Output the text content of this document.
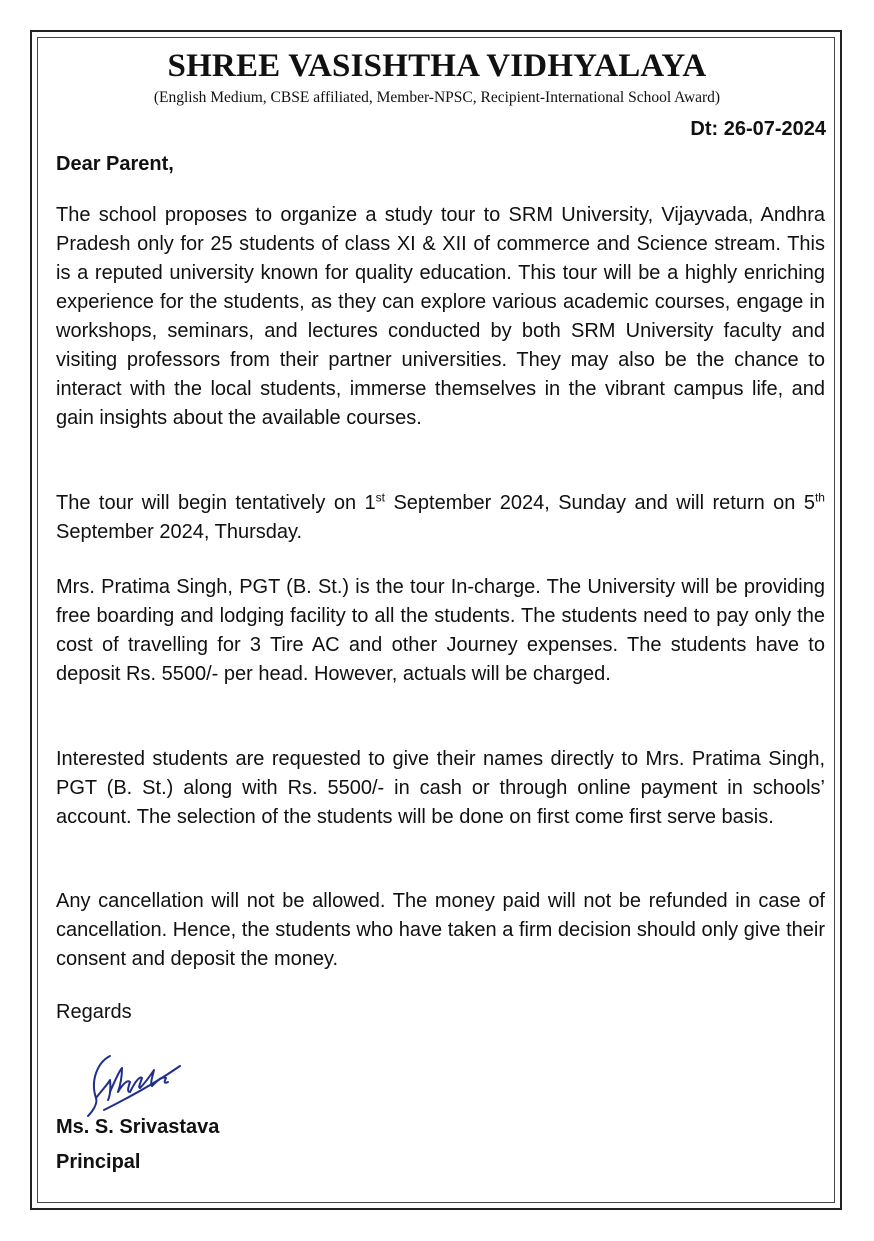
SHREE VASISHTHA VIDHYALAYA

(English Medium, CBSE affiliated, Member-NPSC, Recipient-International School Award)

Dt: 26-07-2024
Dear Parent,

The school proposes to organize a study tour to SRM University, Vijayvada, Andhra Pradesh only for 25 students of class XI & XII of commerce and Science stream. This is a reputed university known for quality education. This tour will be a highly enriching experience for the students, as they can explore various academic courses, engage in workshops, seminars, and lectures conducted by both SRM University faculty and visiting professors from their partner universities. They may also be the chance to interact with the local students, immerse themselves in the vibrant campus life, and gain insights about the available courses.

The tour will begin tentatively on 1st September 2024, Sunday and will return on 5th September 2024, Thursday.

Mrs. Pratima Singh, PGT (B. St.) is the tour In-charge. The University will be providing free boarding and lodging facility to all the students. The students need to pay only the cost of travelling for 3 Tire AC and other Journey expenses. The students have to deposit Rs. 5500/- per head. However, actuals will be charged.

Interested students are requested to give their names directly to Mrs. Pratima Singh, PGT (B. St.) along with Rs. 5500/- in cash or through online payment in schools’ account. The selection of the students will be done on first come first serve basis.

Any cancellation will not be allowed. The money paid will not be refunded in case of cancellation. Hence, the students who have taken a firm decision should only give their consent and deposit the money.

Regards
Ms. S. Srivastava
Principal
